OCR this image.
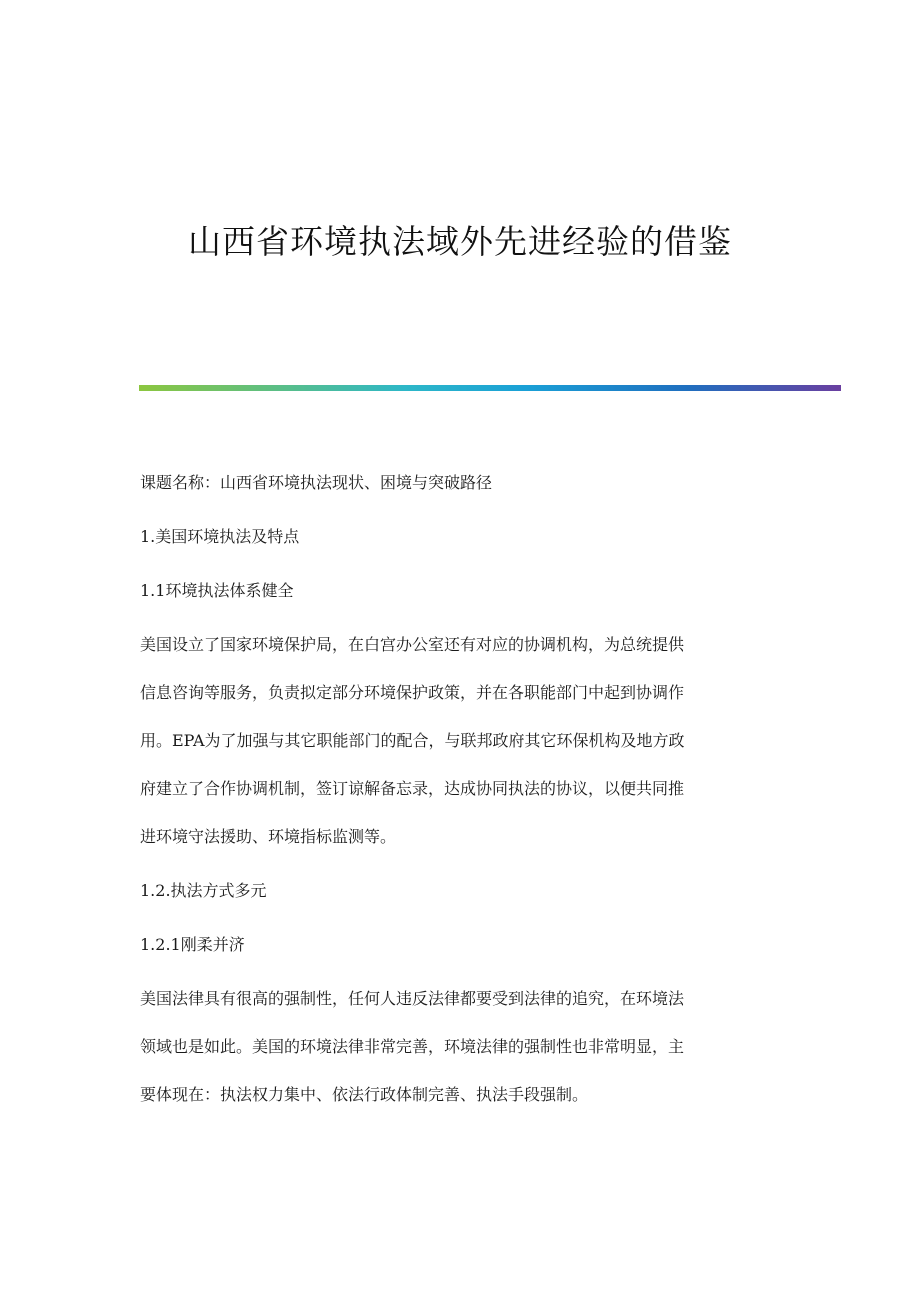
山西省环境执法域外先进经验的借鉴
课题名称：山西省环境执法现状、困境与突破路径
1.美国环境执法及特点
1.1环境执法体系健全
美国设立了国家环境保护局，在白宫办公室还有对应的协调机构，为总统提供
信息咨询等服务，负责拟定部分环境保护政策，并在各职能部门中起到协调作
用。EPA为了加强与其它职能部门的配合，与联邦政府其它环保机构及地方政
府建立了合作协调机制，签订谅解备忘录，达成协同执法的协议，以便共同推
进环境守法援助、环境指标监测等。
1.2.执法方式多元
1.2.1刚柔并济
美国法律具有很高的强制性，任何人违反法律都要受到法律的追究，在环境法
领域也是如此。美国的环境法律非常完善，环境法律的强制性也非常明显，主
要体现在：执法权力集中、依法行政体制完善、执法手段强制。
